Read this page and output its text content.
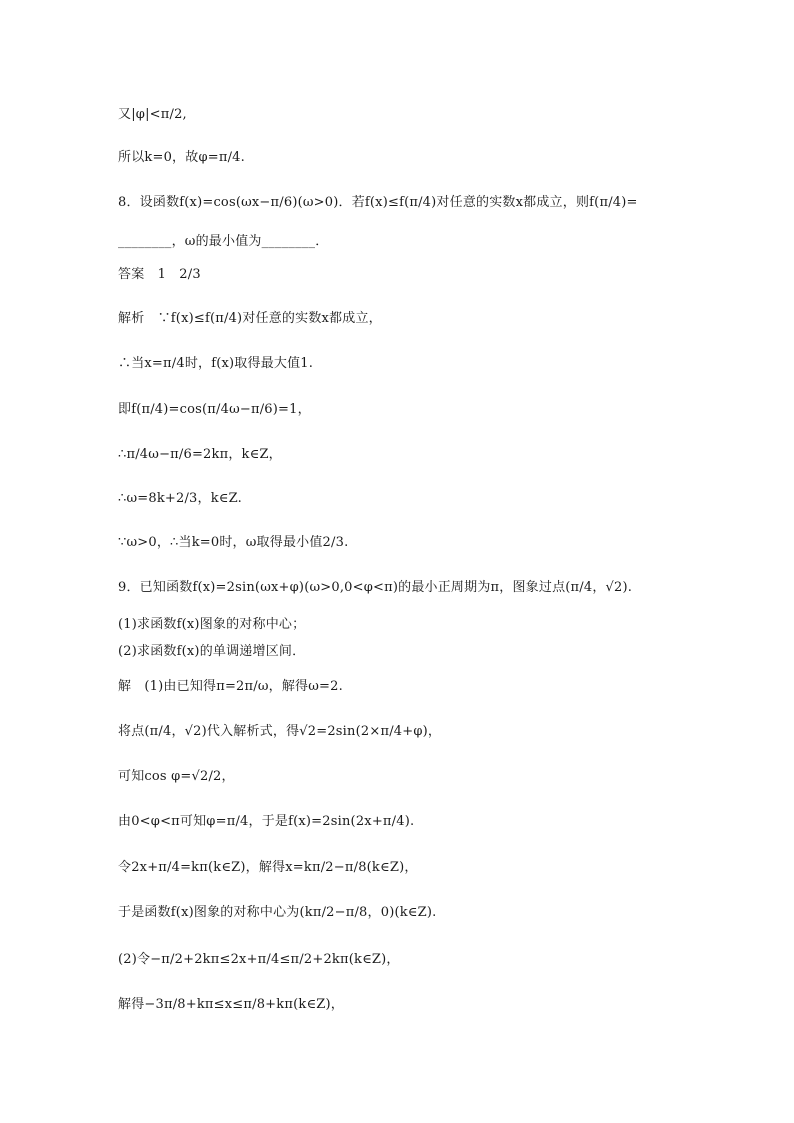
又|φ|<π/2,
所以k=0，故φ=π/4.
8．设函数f(x)=cos(ωx−π/6)(ω>0)．若f(x)≤f(π/4)对任意的实数x都成立，则f(π/4)=
________，ω的最小值为________．
答案　1　2/3
解析　∵f(x)≤f(π/4)对任意的实数x都成立，
∴当x=π/4时，f(x)取得最大值1.
即f(π/4)=cos(π/4ω−π/6)=1，
∴π/4ω−π/6=2kπ，k∈Z，
∴ω=8k+2/3，k∈Z.
∵ω>0，∴当k=0时，ω取得最小值2/3.
9．已知函数f(x)=2sin(ωx+φ)(ω>0,0<φ<π)的最小正周期为π，图象过点(π/4，√2).
(1)求函数f(x)图象的对称中心；
(2)求函数f(x)的单调递增区间．
解　(1)由已知得π=2π/ω，解得ω=2.
将点(π/4，√2)代入解析式，得√2=2sin(2×π/4+φ)，
可知cos φ=√2/2，
由0<φ<π可知φ=π/4，于是f(x)=2sin(2x+π/4).
令2x+π/4=kπ(k∈Z)，解得x=kπ/2−π/8(k∈Z)，
于是函数f(x)图象的对称中心为(kπ/2−π/8，0)(k∈Z).
(2)令−π/2+2kπ≤2x+π/4≤π/2+2kπ(k∈Z)，
解得−3π/8+kπ≤x≤π/8+kπ(k∈Z)，
